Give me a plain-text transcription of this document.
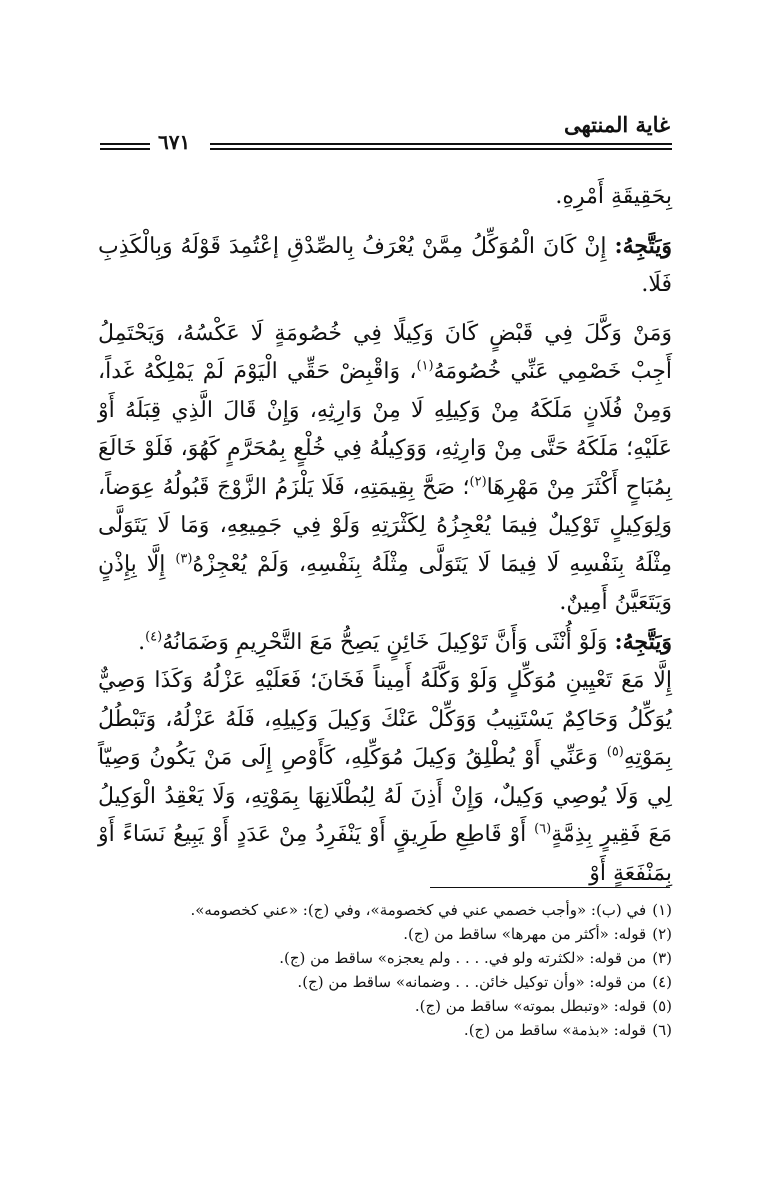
غاية المنتهى
٦٧١

بِحَقِيقَةِ أَمْرِهِ.

وَيَتَّجِهُ: إِنْ كَانَ الْمُوَكِّلُ مِمَّنْ يُعْرَفُ بِالصِّدْقِ إعْتُمِدَ قَوْلَهُ وَبِالْكَذِبِ فَلَا.

وَمَنْ وَكَّلَ فِي قَبْضٍ كَانَ وَكِيلًا فِي خُصُومَةٍ لَا عَكْسُهُ، وَيَحْتَمِلُ أَجِبْ خَصْمِي عَنِّي خُصُومَهُ$^{(١)}$، وَاقْبِضْ حَقِّي الْيَوْمَ لَمْ يَمْلِكْهُ غَداً، وَمِنْ فُلَانٍ مَلَكَهُ مِنْ وَكِيلِهِ لَا مِنْ وَارِثِهِ، وَإِنْ قَالَ الَّذِي قِبَلَهُ أَوْ عَلَيْهِ؛ مَلَكَهُ حَتَّى مِنْ وَارِثِهِ، وَوَكِيلُهُ فِي خُلْعٍ بِمُحَرَّمٍ كَهُوَ، فَلَوْ خَالَعَ بِمُبَاحٍ أَكْثَرَ مِنْ مَهْرِهَا$^{(٢)}$؛ صَحَّ بِقِيمَتِهِ، فَلَا يَلْزَمُ الزَّوْجَ قَبُولُهُ عِوَضاً، وَلِوَكِيلٍ تَوْكِيلٌ فِيمَا يُعْجِزُهُ لِكَثْرَتِهِ وَلَوْ فِي جَمِيعِهِ، وَمَا لَا يَتَوَلَّى مِثْلَهُ بِنَفْسِهِ لَا فِيمَا لَا يَتَوَلَّى مِثْلَهُ بِنَفْسِهِ، وَلَمْ يُعْجِزْهُ$^{(٣)}$ إِلَّا بِإِذْنٍ وَيَتَعَيَّنُ أَمِينٌ.

وَيَتَّجِهُ: وَلَوْ أُنْثَى وَأَنَّ تَوْكِيلَ خَائِنٍ يَصِحُّ مَعَ التَّحْرِيمِ وَضَمَانُهُ$^{(٤)}$.

إِلَّا مَعَ تَعْيِينِ مُوَكِّلٍ وَلَوْ وَكَّلَهُ أَمِيناً فَخَانَ؛ فَعَلَيْهِ عَزْلُهُ وَكَذَا وَصِيٌّ يُوَكِّلُ وَحَاكِمٌ يَسْتَنِيبُ وَوَكِّلْ عَنْكَ وَكِيلَ وَكِيلِهِ، فَلَهُ عَزْلُهُ، وَتَبْطُلُ بِمَوْتِهِ$^{(٥)}$ وَعَنِّي أَوْ يُطْلِقُ وَكِيلَ مُوَكِّلِهِ، كَأَوْصِ إِلَى مَنْ يَكُونُ وَصِيّاً لِي وَلَا يُوصِي وَكِيلٌ، وَإِنْ أَذِنَ لَهُ لِبُطْلَانِهَا بِمَوْتِهِ، وَلَا يَعْقِدُ الْوَكِيلُ مَعَ فَقِيرٍ بِذِمَّةٍ$^{(٦)}$ أَوْ قَاطِعِ طَرِيقٍ أَوْ يَنْفَرِدُ مِنْ عَدَدٍ أَوْ يَبِيعُ نَسَاءً أَوْ بِمَنْفَعَةٍ أَوْ

(١)في (ب): «وأجب خصمي عني في كخصومة»، وفي (ج): «عني كخصومه».

(٢)قوله: «أكثر من مهرها» ساقط من (ج).

(٣)من قوله: «لكثرته ولو في. . . . ولم يعجزه» ساقط من (ج).

(٤)من قوله: «وأن توكيل خائن. . . وضمانه» ساقط من (ج).

(٥)قوله: «وتبطل بموته» ساقط من (ج).

(٦)قوله: «بذمة» ساقط من (ج).
